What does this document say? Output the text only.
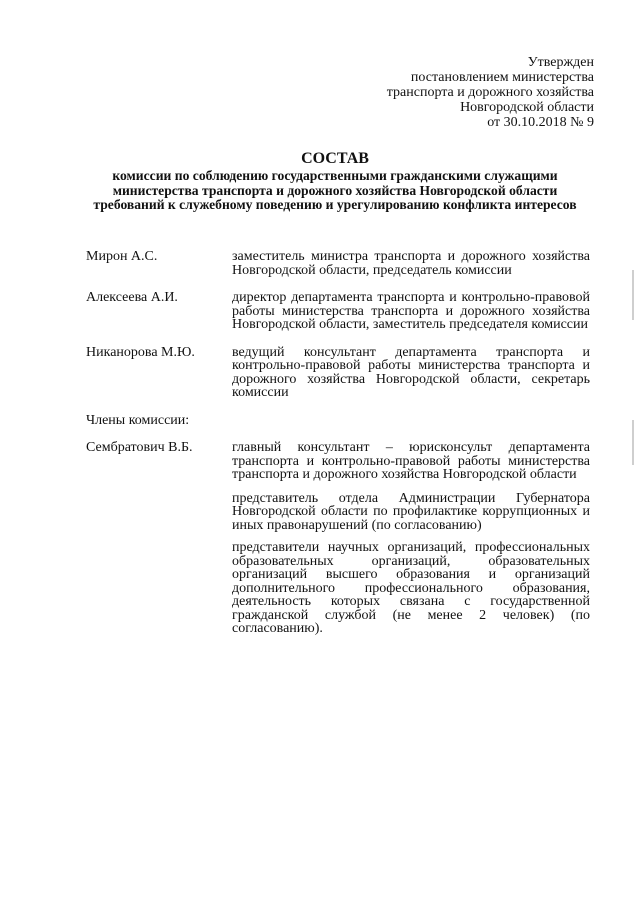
Утвержден
постановлением министерства
транспорта и дорожного хозяйства
Новгородской области
от 30.10.2018 № 9
СОСТАВ
комиссии по соблюдению государственными гражданскими служащими министерства транспорта и дорожного хозяйства Новгородской области требований к служебному поведению и урегулированию конфликта интересов
Мирон А.С.	заместитель министра транспорта и дорожного хозяйства Новгородской области, председатель комиссии

Алексеева А.И.	директор департамента транспорта и контрольно-правовой работы министерства транспорта и дорожного хозяйства Новгородской области, заместитель председателя комиссии

Никанорова М.Ю.	ведущий консультант департамента транспорта и контрольно-правовой работы министерства транспорта и дорожного хозяйства Новгородской области, секретарь комиссии

Члены комиссии:
Сембратович В.Б.	главный консультант – юрисконсульт департамента транспорта и контрольно-правовой работы министерства транспорта и дорожного хозяйства Новгородской области

представитель отдела Администрации Губернатора Новгородской области по профилактике коррупционных и иных правонарушений (по согласованию)

представители научных организаций, профессиональных образовательных организаций, образовательных организаций высшего образования и организаций дополнительного профессионального образования, деятельность которых связана с государственной гражданской службой (не менее 2 человек) (по согласованию).
